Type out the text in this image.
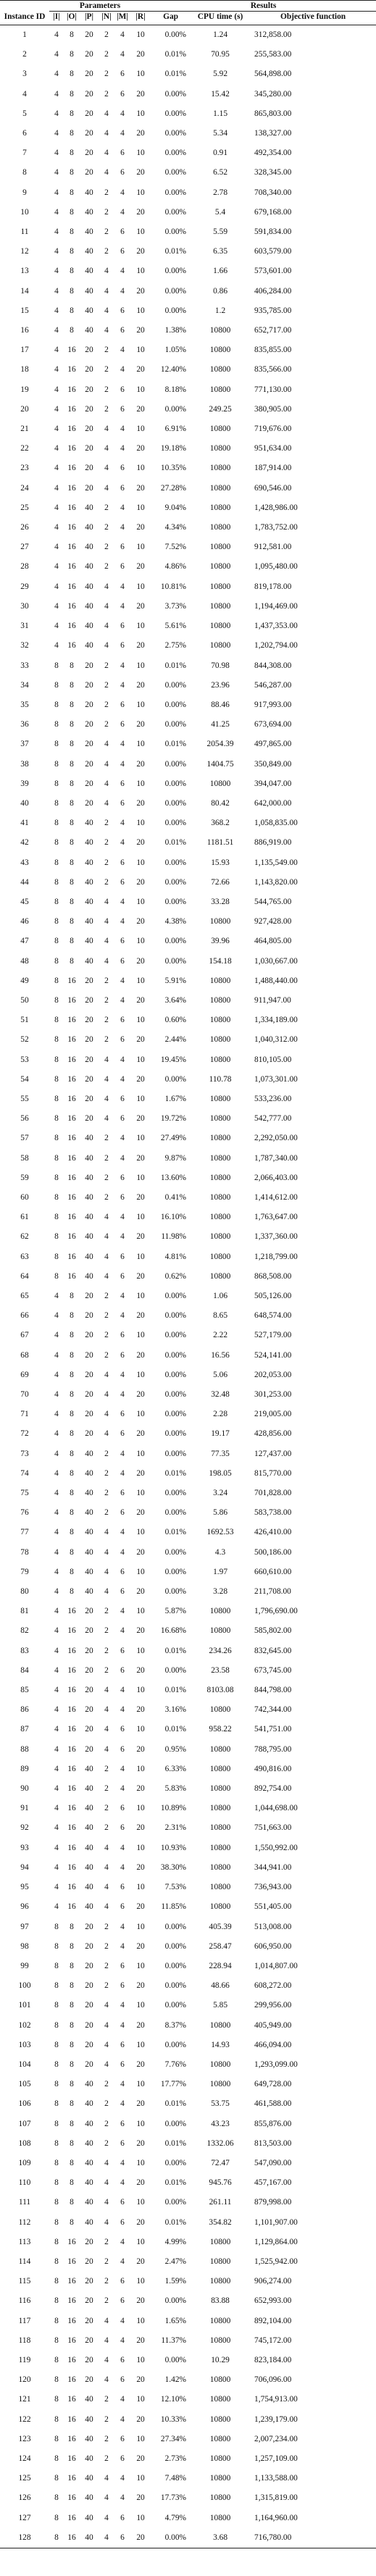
	Parameters						Results		
Instance ID	|I|	|O|	|P|	|N|	|M|	|R|	Gap	CPU time (s)	Objective function
1	4	8	20	2	4	10	0.00%	1.24	312,858.00
2	4	8	20	2	4	20	0.01%	70.95	255,583.00
3	4	8	20	2	6	10	0.01%	5.92	564,898.00
4	4	8	20	2	6	20	0.00%	15.42	345,280.00
5	4	8	20	4	4	10	0.00%	1.15	865,803.00
6	4	8	20	4	4	20	0.00%	5.34	138,327.00
7	4	8	20	4	6	10	0.00%	0.91	492,354.00
8	4	8	20	4	6	20	0.00%	6.52	328,345.00
9	4	8	40	2	4	10	0.00%	2.78	708,340.00
10	4	8	40	2	4	20	0.00%	5.4	679,168.00
11	4	8	40	2	6	10	0.00%	5.59	591,834.00
12	4	8	40	2	6	20	0.01%	6.35	603,579.00
13	4	8	40	4	4	10	0.00%	1.66	573,601.00
14	4	8	40	4	4	20	0.00%	0.86	406,284.00
15	4	8	40	4	6	10	0.00%	1.2	935,785.00
16	4	8	40	4	6	20	1.38%	10800	652,717.00
17	4	16	20	2	4	10	1.05%	10800	835,855.00
18	4	16	20	2	4	20	12.40%	10800	835,566.00
19	4	16	20	2	6	10	8.18%	10800	771,130.00
20	4	16	20	2	6	20	0.00%	249.25	380,905.00
21	4	16	20	4	4	10	6.91%	10800	719,676.00
22	4	16	20	4	4	20	19.18%	10800	951,634.00
23	4	16	20	4	6	10	10.35%	10800	187,914.00
24	4	16	20	4	6	20	27.28%	10800	690,546.00
25	4	16	40	2	4	10	9.04%	10800	1,428,986.00
26	4	16	40	2	4	20	4.34%	10800	1,783,752.00
27	4	16	40	2	6	10	7.52%	10800	912,581.00
28	4	16	40	2	6	20	4.86%	10800	1,095,480.00
29	4	16	40	4	4	10	10.81%	10800	819,178.00
30	4	16	40	4	4	20	3.73%	10800	1,194,469.00
31	4	16	40	4	6	10	5.61%	10800	1,437,353.00
32	4	16	40	4	6	20	2.75%	10800	1,202,794.00
33	8	8	20	2	4	10	0.01%	70.98	844,308.00
34	8	8	20	2	4	20	0.00%	23.96	546,287.00
35	8	8	20	2	6	10	0.00%	88.46	917,993.00
36	8	8	20	2	6	20	0.00%	41.25	673,694.00
37	8	8	20	4	4	10	0.01%	2054.39	497,865.00
38	8	8	20	4	4	20	0.00%	1404.75	350,849.00
39	8	8	20	4	6	10	0.00%	10800	394,047.00
40	8	8	20	4	6	20	0.00%	80.42	642,000.00
41	8	8	40	2	4	10	0.00%	368.2	1,058,835.00
42	8	8	40	2	4	20	0.01%	1181.51	886,919.00
43	8	8	40	2	6	10	0.00%	15.93	1,135,549.00
44	8	8	40	2	6	20	0.00%	72.66	1,143,820.00
45	8	8	40	4	4	10	0.00%	33.28	544,765.00
46	8	8	40	4	4	20	4.38%	10800	927,428.00
47	8	8	40	4	6	10	0.00%	39.96	464,805.00
48	8	8	40	4	6	20	0.00%	154.18	1,030,667.00
49	8	16	20	2	4	10	5.91%	10800	1,488,440.00
50	8	16	20	2	4	20	3.64%	10800	911,947.00
51	8	16	20	2	6	10	0.60%	10800	1,334,189.00
52	8	16	20	2	6	20	2.44%	10800	1,040,312.00
53	8	16	20	4	4	10	19.45%	10800	810,105.00
54	8	16	20	4	4	20	0.00%	110.78	1,073,301.00
55	8	16	20	4	6	10	1.67%	10800	533,236.00
56	8	16	20	4	6	20	19.72%	10800	542,777.00
57	8	16	40	2	4	10	27.49%	10800	2,292,050.00
58	8	16	40	2	4	20	9.87%	10800	1,787,340.00
59	8	16	40	2	6	10	13.60%	10800	2,066,403.00
60	8	16	40	2	6	20	0.41%	10800	1,414,612.00
61	8	16	40	4	4	10	16.10%	10800	1,763,647.00
62	8	16	40	4	4	20	11.98%	10800	1,337,360.00
63	8	16	40	4	6	10	4.81%	10800	1,218,799.00
64	8	16	40	4	6	20	0.62%	10800	868,508.00
65	4	8	20	2	4	10	0.00%	1.06	505,126.00
66	4	8	20	2	4	20	0.00%	8.65	648,574.00
67	4	8	20	2	6	10	0.00%	2.22	527,179.00
68	4	8	20	2	6	20	0.00%	16.56	524,141.00
69	4	8	20	4	4	10	0.00%	5.06	202,053.00
70	4	8	20	4	4	20	0.00%	32.48	301,253.00
71	4	8	20	4	6	10	0.00%	2.28	219,005.00
72	4	8	20	4	6	20	0.00%	19.17	428,856.00
73	4	8	40	2	4	10	0.00%	77.35	127,437.00
74	4	8	40	2	4	20	0.01%	198.05	815,770.00
75	4	8	40	2	6	10	0.00%	3.24	701,828.00
76	4	8	40	2	6	20	0.00%	5.86	583,738.00
77	4	8	40	4	4	10	0.01%	1692.53	426,410.00
78	4	8	40	4	4	20	0.00%	4.3	500,186.00
79	4	8	40	4	6	10	0.00%	1.97	660,610.00
80	4	8	40	4	6	20	0.00%	3.28	211,708.00
81	4	16	20	2	4	10	5.87%	10800	1,796,690.00
82	4	16	20	2	4	20	16.68%	10800	585,802.00
83	4	16	20	2	6	10	0.01%	234.26	832,645.00
84	4	16	20	2	6	20	0.00%	23.58	673,745.00
85	4	16	20	4	4	10	0.01%	8103.08	844,798.00
86	4	16	20	4	4	20	3.16%	10800	742,344.00
87	4	16	20	4	6	10	0.01%	958.22	541,751.00
88	4	16	20	4	6	20	0.95%	10800	788,795.00
89	4	16	40	2	4	10	6.33%	10800	490,816.00
90	4	16	40	2	4	20	5.83%	10800	892,754.00
91	4	16	40	2	6	10	10.89%	10800	1,044,698.00
92	4	16	40	2	6	20	2.31%	10800	751,663.00
93	4	16	40	4	4	10	10.93%	10800	1,550,992.00
94	4	16	40	4	4	20	38.30%	10800	344,941.00
95	4	16	40	4	6	10	7.53%	10800	736,943.00
96	4	16	40	4	6	20	11.85%	10800	551,405.00
97	8	8	20	2	4	10	0.00%	405.39	513,008.00
98	8	8	20	2	4	20	0.00%	258.47	606,950.00
99	8	8	20	2	6	10	0.00%	228.94	1,014,807.00
100	8	8	20	2	6	20	0.00%	48.66	608,272.00
101	8	8	20	4	4	10	0.00%	5.85	299,956.00
102	8	8	20	4	4	20	8.37%	10800	405,949.00
103	8	8	20	4	6	10	0.00%	14.93	466,094.00
104	8	8	20	4	6	20	7.76%	10800	1,293,099.00
105	8	8	40	2	4	10	17.77%	10800	649,728.00
106	8	8	40	2	4	20	0.01%	53.75	461,588.00
107	8	8	40	2	6	10	0.00%	43.23	855,876.00
108	8	8	40	2	6	20	0.01%	1332.06	813,503.00
109	8	8	40	4	4	10	0.00%	72.47	547,090.00
110	8	8	40	4	4	20	0.01%	945.76	457,167.00
111	8	8	40	4	6	10	0.00%	261.11	879,998.00
112	8	8	40	4	6	20	0.01%	354.82	1,101,907.00
113	8	16	20	2	4	10	4.99%	10800	1,129,864.00
114	8	16	20	2	4	20	2.47%	10800	1,525,942.00
115	8	16	20	2	6	10	1.59%	10800	906,274.00
116	8	16	20	2	6	20	0.00%	83.88	652,993.00
117	8	16	20	4	4	10	1.65%	10800	892,104.00
118	8	16	20	4	4	20	11.37%	10800	745,172.00
119	8	16	20	4	6	10	0.00%	10.29	823,184.00
120	8	16	20	4	6	20	1.42%	10800	706,096.00
121	8	16	40	2	4	10	12.10%	10800	1,754,913.00
122	8	16	40	2	4	20	10.33%	10800	1,239,179.00
123	8	16	40	2	6	10	27.34%	10800	2,007,234.00
124	8	16	40	2	6	20	2.73%	10800	1,257,109.00
125	8	16	40	4	4	10	7.48%	10800	1,133,588.00
126	8	16	40	4	4	20	17.73%	10800	1,315,819.00
127	8	16	40	4	6	10	4.79%	10800	1,164,960.00
128	8	16	40	4	6	20	0.00%	3.68	716,780.00
